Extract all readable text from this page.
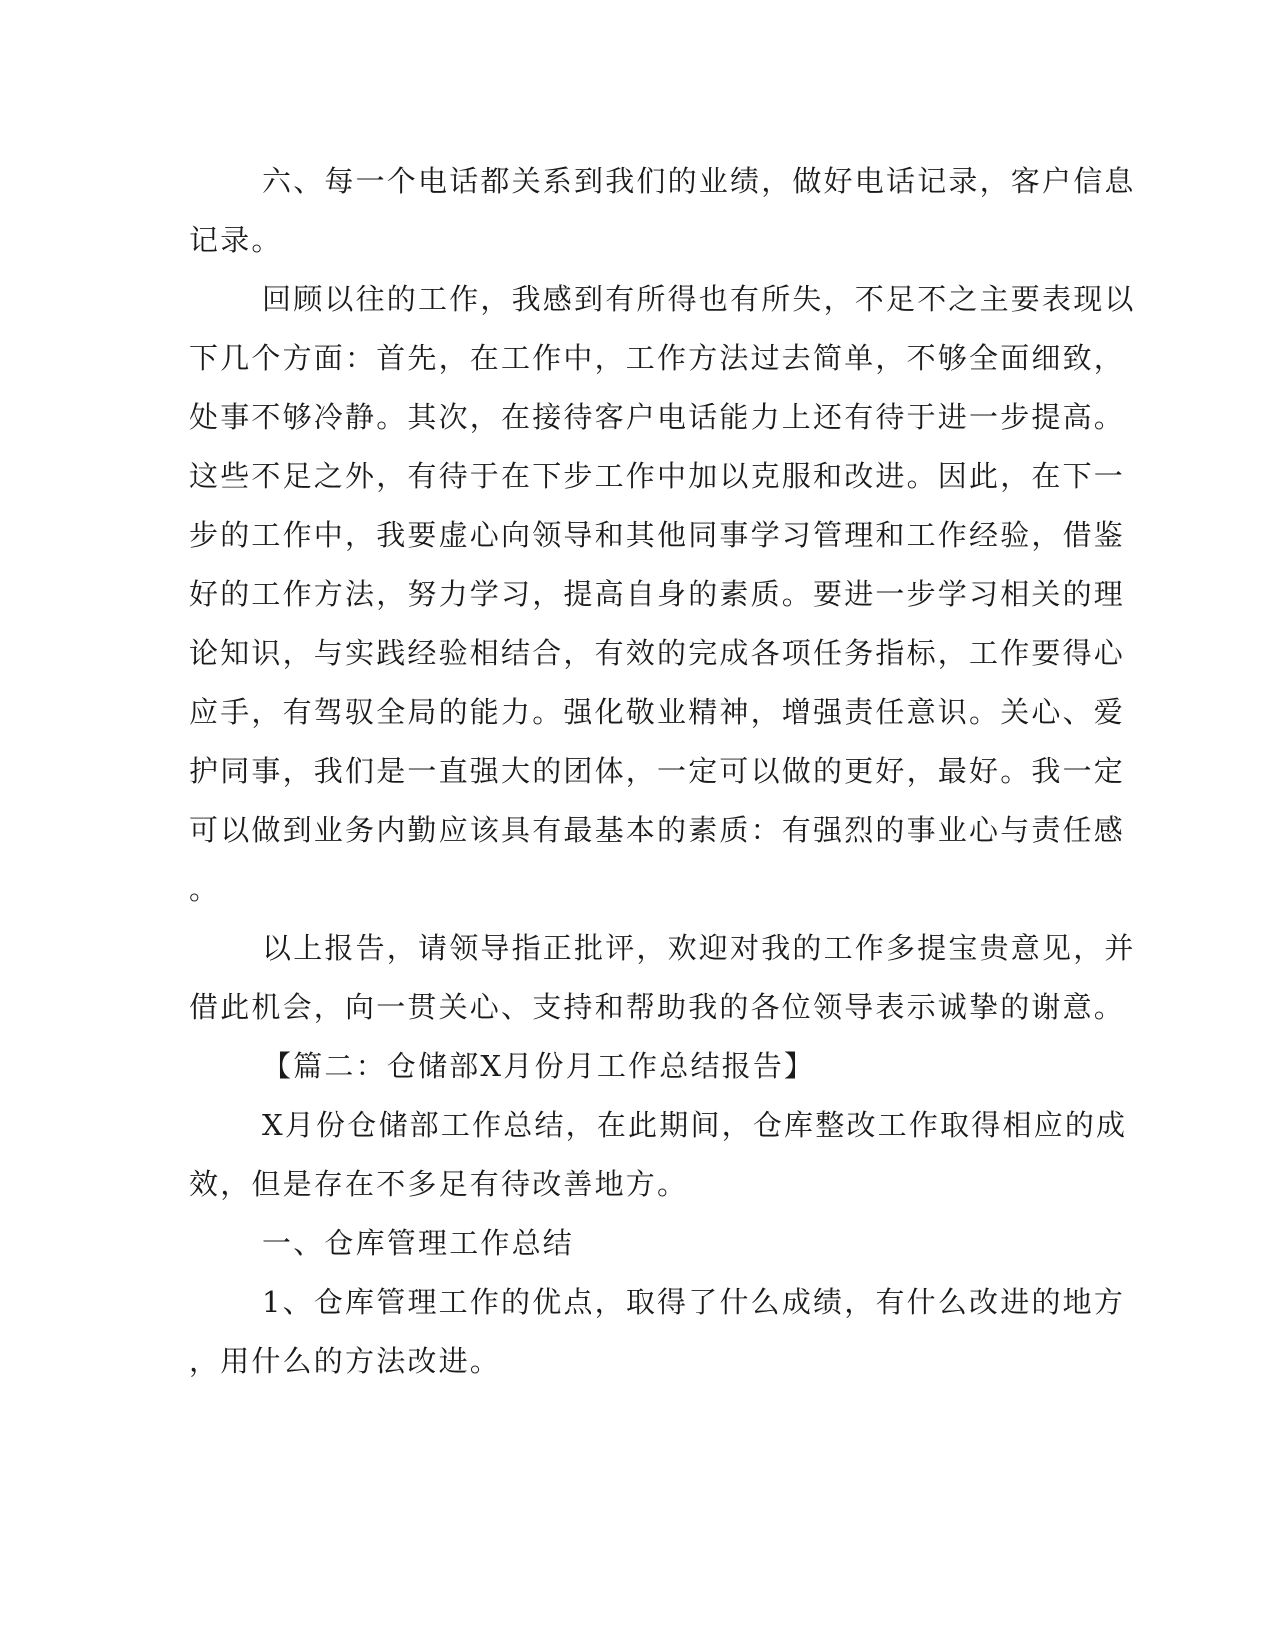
六、每一个电话都关系到我们的业绩，做好电话记录，客户信息
记录。
回顾以往的工作，我感到有所得也有所失，不足不之主要表现以
下几个方面：首先，在工作中，工作方法过去简单，不够全面细致，
处事不够冷静。其次，在接待客户电话能力上还有待于进一步提高。
这些不足之外，有待于在下步工作中加以克服和改进。因此，在下一
步的工作中，我要虚心向领导和其他同事学习管理和工作经验，借鉴
好的工作方法，努力学习，提高自身的素质。要进一步学习相关的理
论知识，与实践经验相结合，有效的完成各项任务指标，工作要得心
应手，有驾驭全局的能力。强化敬业精神，增强责任意识。关心、爱
护同事，我们是一直强大的团体，一定可以做的更好，最好。我一定
可以做到业务内勤应该具有最基本的素质：有强烈的事业心与责任感
。
以上报告，请领导指正批评，欢迎对我的工作多提宝贵意见，并
借此机会，向一贯关心、支持和帮助我的各位领导表示诚挚的谢意。
【篇二：仓储部X月份月工作总结报告】
X月份仓储部工作总结，在此期间，仓库整改工作取得相应的成
效，但是存在不多足有待改善地方。
一、仓库管理工作总结
1、仓库管理工作的优点，取得了什么成绩，有什么改进的地方
，用什么的方法改进。
